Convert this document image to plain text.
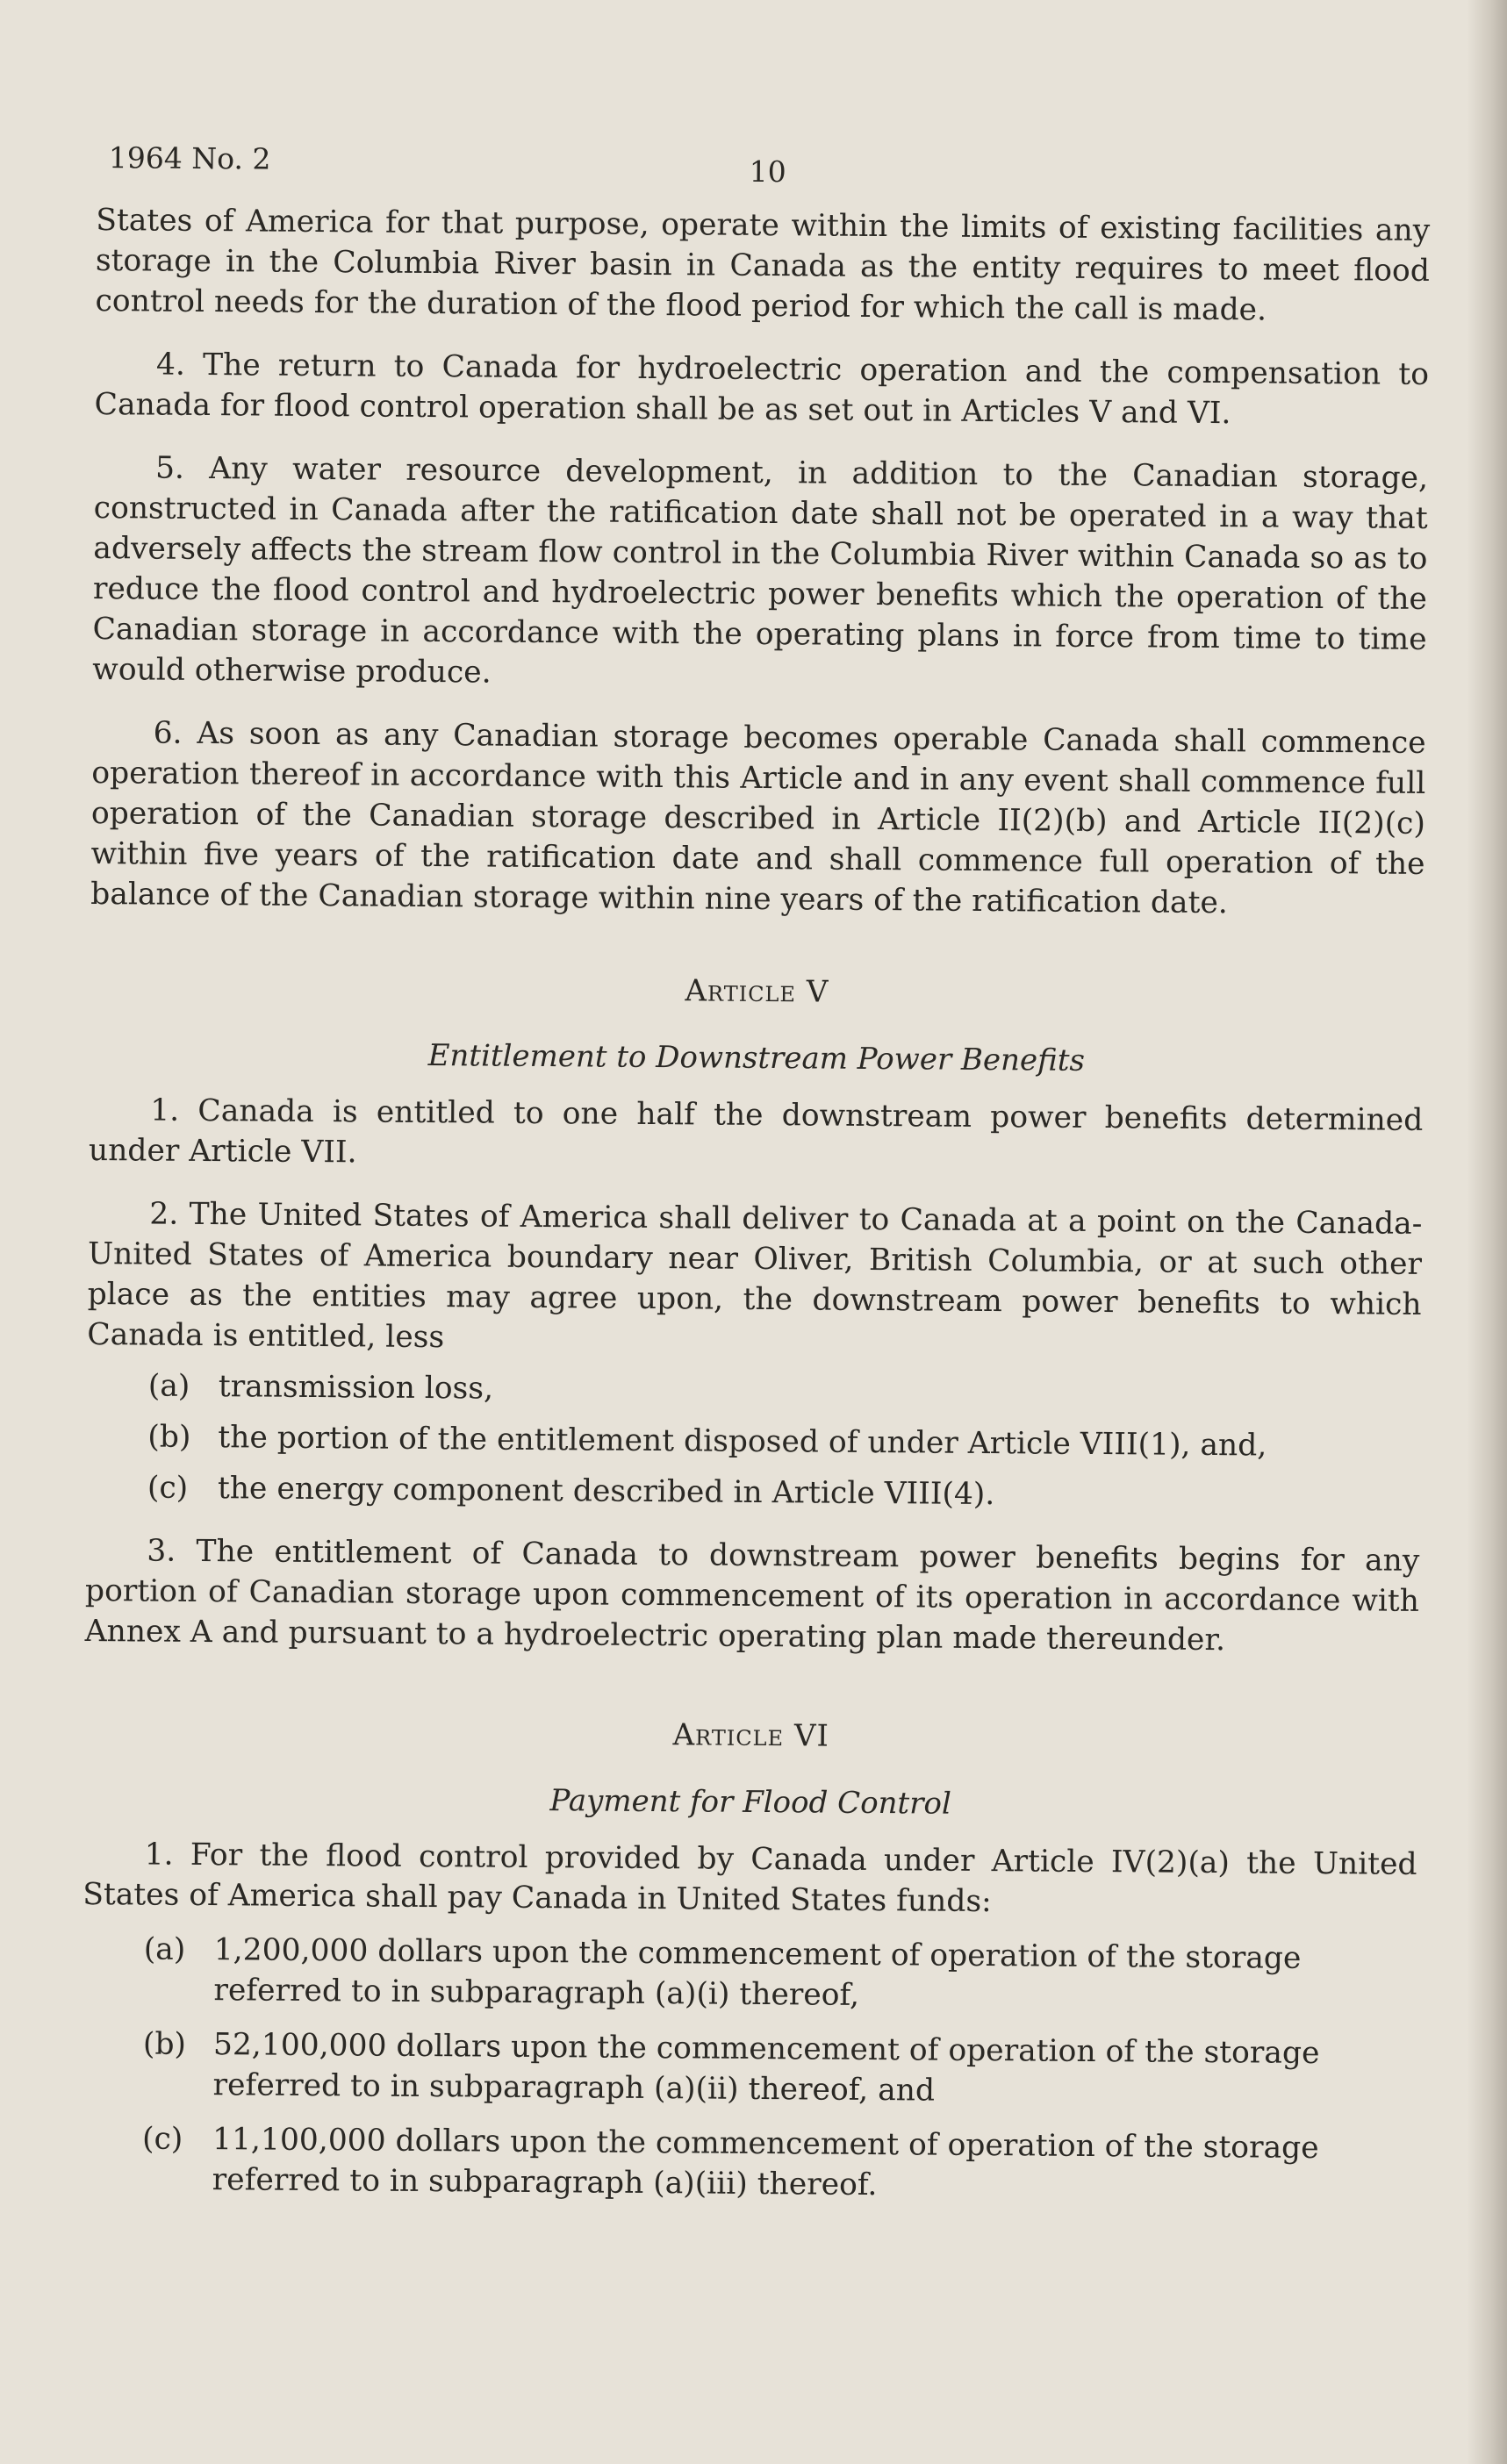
1964 No. 2	10

States of America for that purpose, operate within the limits of existing facilities any storage in the Columbia River basin in Canada as the entity requires to meet flood control needs for the duration of the flood period for which the call is made.

4. The return to Canada for hydroelectric operation and the compensation to Canada for flood control operation shall be as set out in Articles V and VI.

5. Any water resource development, in addition to the Canadian storage, constructed in Canada after the ratification date shall not be operated in a way that adversely affects the stream flow control in the Columbia River within Canada so as to reduce the flood control and hydroelectric power benefits which the operation of the Canadian storage in accordance with the operating plans in force from time to time would otherwise produce.

6. As soon as any Canadian storage becomes operable Canada shall commence operation thereof in accordance with this Article and in any event shall commence full operation of the Canadian storage described in Article II(2)(b) and Article II(2)(c) within five years of the ratification date and shall commence full operation of the balance of the Canadian storage within nine years of the ratification date.

Article V
Entitlement to Downstream Power Benefits

1. Canada is entitled to one half the downstream power benefits determined under Article VII.

2. The United States of America shall deliver to Canada at a point on the Canada-United States of America boundary near Oliver, British Columbia, or at such other place as the entities may agree upon, the downstream power benefits to which Canada is entitled, less

(a) transmission loss,

(b) the portion of the entitlement disposed of under Article VIII(1), and,

(c) the energy component described in Article VIII(4).

3. The entitlement of Canada to downstream power benefits begins for any portion of Canadian storage upon commencement of its operation in accordance with Annex A and pursuant to a hydroelectric operating plan made thereunder.

Article VI
Payment for Flood Control

1. For the flood control provided by Canada under Article IV(2)(a) the United States of America shall pay Canada in United States funds:

(a) 1,200,000 dollars upon the commencement of operation of the storage referred to in subparagraph (a)(i) thereof,

(b) 52,100,000 dollars upon the commencement of operation of the storage referred to in subparagraph (a)(ii) thereof, and

(c) 11,100,000 dollars upon the commencement of operation of the storage referred to in subparagraph (a)(iii) thereof.
